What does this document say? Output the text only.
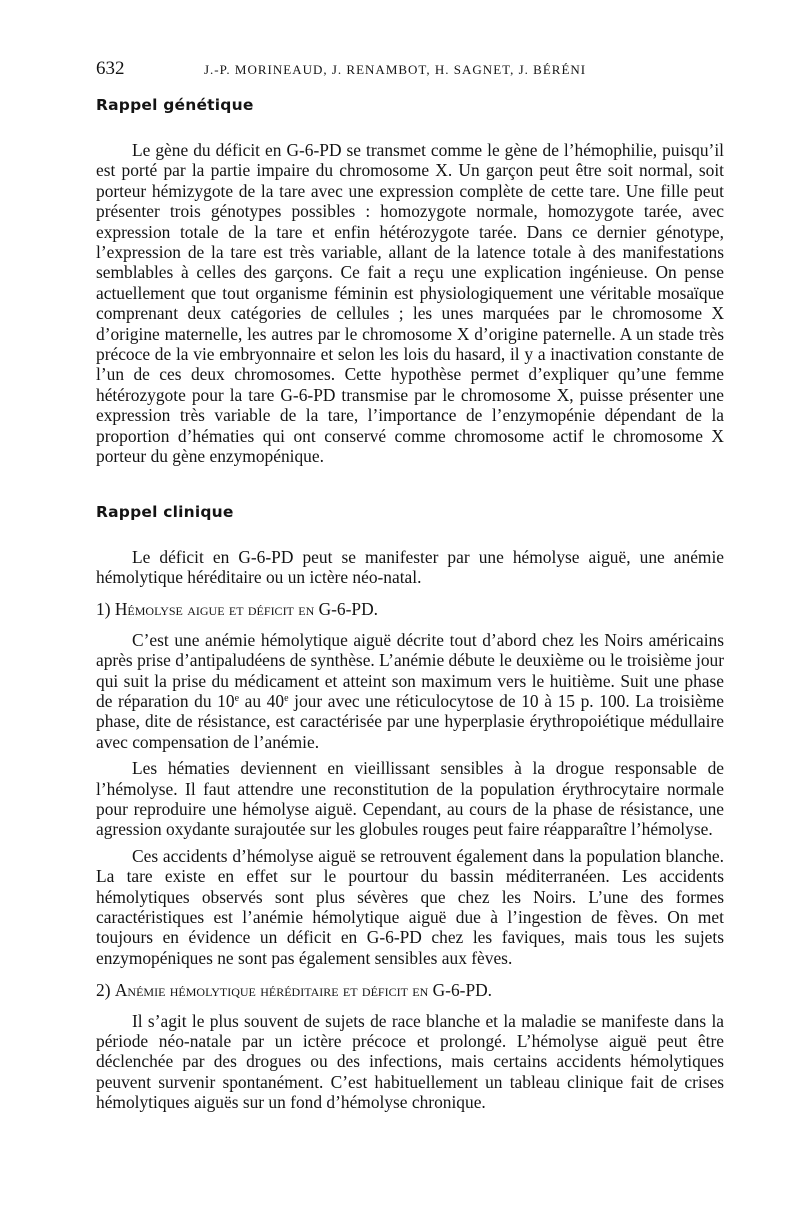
632	J.-P. MORINEAUD, J. RENAMBOT, H. SAGNET, J. BÉRÉNI
Rappel génétique

Le gène du déficit en G-6-PD se transmet comme le gène de l’hémophilie, puisqu’il est porté par la partie impaire du chromosome X. Un garçon peut être soit normal, soit porteur hémizygote de la tare avec une expression complète de cette tare. Une fille peut présenter trois génotypes possibles : homozygote normale, homozygote tarée, avec expression totale de la tare et enfin hétérozygote tarée. Dans ce dernier génotype, l’expression de la tare est très variable, allant de la latence totale à des manifestations semblables à celles des garçons. Ce fait a reçu une explication ingénieuse. On pense actuellement que tout organisme féminin est physiologiquement une véritable mosaïque comprenant deux catégories de cellules ; les unes marquées par le chromosome X d’origine maternelle, les autres par le chromosome X d’origine paternelle. A un stade très précoce de la vie embryonnaire et selon les lois du hasard, il y a inactivation constante de l’un de ces deux chromosomes. Cette hypothèse permet d’expliquer qu’une femme hétérozygote pour la tare G-6-PD transmise par le chromosome X, puisse présenter une expression très variable de la tare, l’importance de l’enzymopénie dépendant de la proportion d’hématies qui ont conservé comme chromosome actif le chromosome X porteur du gène enzymopénique.

Rappel clinique

Le déficit en G-6-PD peut se manifester par une hémolyse aiguë, une anémie hémolytique héréditaire ou un ictère néo-natal.

1) Hémolyse aigue et déficit en G-6-PD.

C’est une anémie hémolytique aiguë décrite tout d’abord chez les Noirs américains après prise d’antipaludéens de synthèse. L’anémie débute le deuxième ou le troisième jour qui suit la prise du médicament et atteint son maximum vers le huitième. Suit une phase de réparation du 10e au 40e jour avec une réticulocytose de 10 à 15 p. 100. La troisième phase, dite de résistance, est caractérisée par une hyperplasie érythropoiétique médullaire avec compensation de l’anémie.

Les hématies deviennent en vieillissant sensibles à la drogue responsable de l’hémolyse. Il faut attendre une reconstitution de la population érythrocytaire normale pour reproduire une hémolyse aiguë. Cependant, au cours de la phase de résistance, une agression oxydante surajoutée sur les globules rouges peut faire réapparaître l’hémolyse.

Ces accidents d’hémolyse aiguë se retrouvent également dans la population blanche. La tare existe en effet sur le pourtour du bassin méditerranéen. Les accidents hémolytiques observés sont plus sévères que chez les Noirs. L’une des formes caractéristiques est l’anémie hémolytique aiguë due à l’ingestion de fèves. On met toujours en évidence un déficit en G-6-PD chez les faviques, mais tous les sujets enzymopéniques ne sont pas également sensibles aux fèves.

2) Anémie hémolytique héréditaire et déficit en G-6-PD.

Il s’agit le plus souvent de sujets de race blanche et la maladie se manifeste dans la période néo-natale par un ictère précoce et prolongé. L’hémolyse aiguë peut être déclenchée par des drogues ou des infections, mais certains accidents hémolytiques peuvent survenir spontanément. C’est habituellement un tableau clinique fait de crises hémolytiques aiguës sur un fond d’hémolyse chronique.
